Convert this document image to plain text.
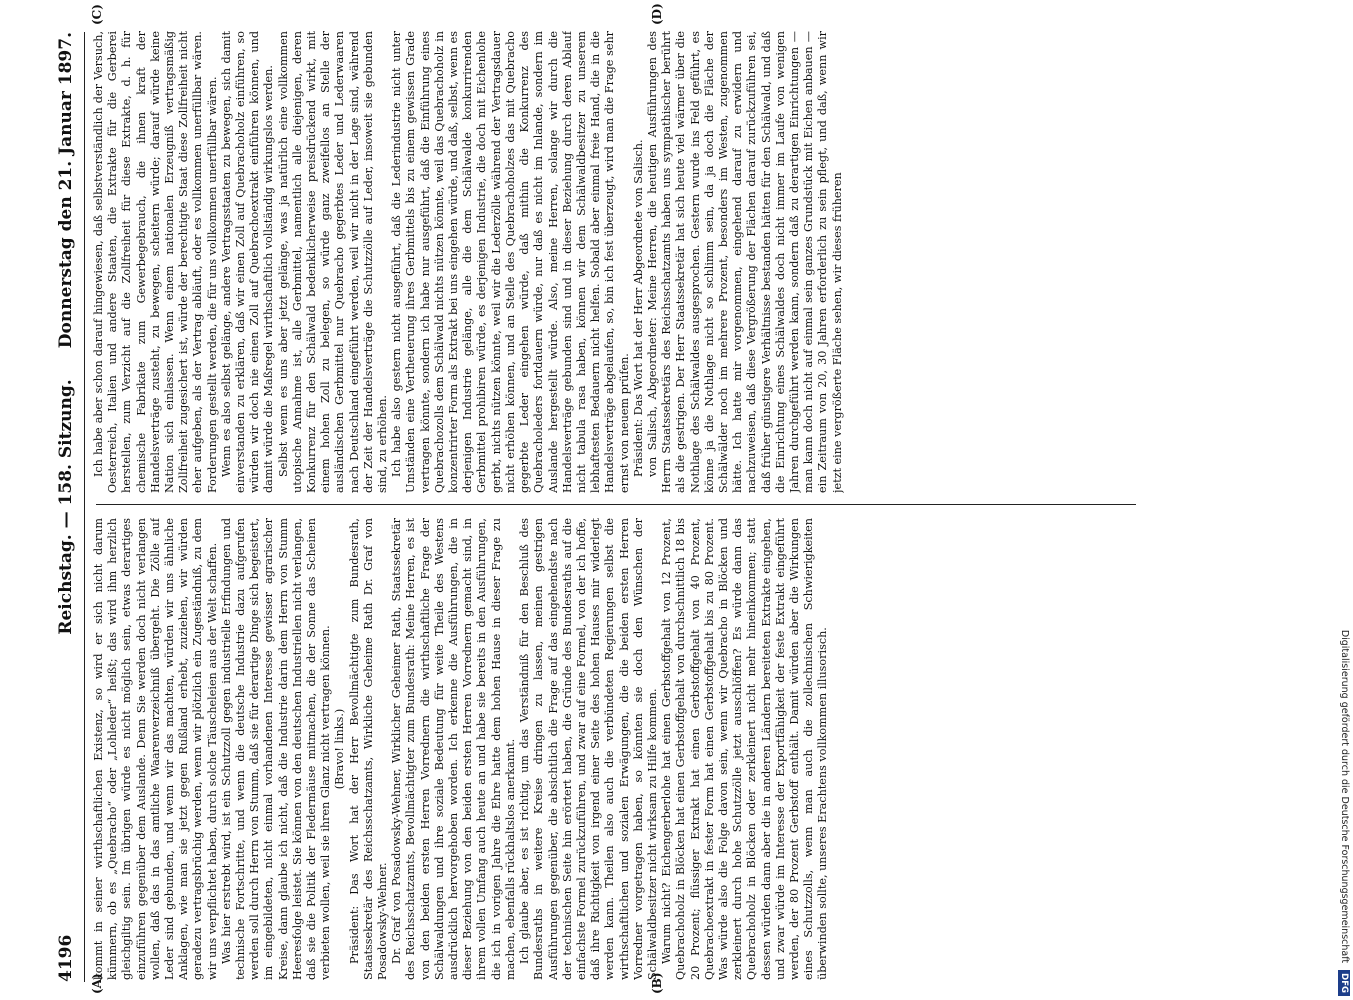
4196
Reichstag. — 158. Sitzung.
Donnerstag den 21. Januar 1897.
(A)	(B)
(C)	(D)

kommt in seiner wirthschaftlichen Existenz, so wird er sich nicht darum kümmern, ob es „Quebracho“ oder „Lohleder“ heißt; das wird ihm herzlich gleichgiltig sein. Im übrigen würde es nicht möglich sein, etwas derartiges einzuführen gegenüber dem Auslande. Denn Sie werden doch nicht verlangen wollen, daß das in das amtliche Waarenverzeichniß übergeht. Die Zölle auf Leder sind gebunden, und wenn wir das machten, würden wir uns ähnliche Anklagen, wie man sie jetzt gegen Rußland erhebt, zuziehen, wir würden geradezu vertragsbrüchig werden, wenn wir plötzlich ein Zugeständniß, zu dem wir uns verpflichtet haben, durch solche Täuscheleien aus der Welt schaffen. Was hier erstrebt wird, ist ein Schutzzoll gegen industrielle Erfindungen und technische Fortschritte, und wenn die deutsche Industrie dazu aufgerufen werden soll durch Herrn von Stumm, daß sie für derartige Dinge sich begeistert, im eingebildeten, nicht einmal vorhandenen Interesse gewisser agrarischer Kreise, dann glaube ich nicht, daß die Industrie darin dem Herrn von Stumm Heeresfolge leistet. Sie können von den deutschen Industriellen nicht verlangen, daß sie die Politik der Fledermäuse mitmachen, die der Sonne das Scheinen verbieten wollen, weil sie ihren Glanz nicht vertragen können. (Bravo! links.) Präsident: Das Wort hat der Herr Bevollmächtigte zum Bundesrath, Staatssekretär des Reichsschatzamts, Wirkliche Geheime Rath Dr. Graf von Posadowsky-Wehner. Dr. Graf von Posadowsky-Wehner, Wirklicher Geheimer Rath, Staatssekretär des Reichsschatzamts, Bevollmächtigter zum Bundesrath: Meine Herren, es ist von den beiden ersten Herren Vorrednern die wirthschaftliche Frage der Schälwaldungen und ihre soziale Bedeutung für weite Theile des Westens ausdrücklich hervorgehoben worden. Ich erkenne die Ausführungen, die in dieser Beziehung von den beiden ersten Herren Vorrednern gemacht sind, in ihrem vollen Umfang auch heute an und habe sie bereits in den Ausführungen, die ich in vorigen Jahre die Ehre hatte dem hohen Hause in dieser Frage zu machen, ebenfalls rückhaltslos anerkannt. Ich glaube aber, es ist richtig, um das Verständniß für den Beschluß des Bundesraths in weitere Kreise dringen zu lassen, meinen gestrigen Ausführungen gegenüber, die absichtlich die Frage auf das eingehendste nach der technischen Seite hin erörtert haben, die Gründe des Bundesraths auf die einfachste Formel zurückzuführen, und zwar auf eine Formel, von der ich hoffe, daß ihre Richtigkeit von irgend einer Seite des hohen Hauses mir widerlegt werden kann. Theilen also auch die verbündeten Regierungen selbst die wirthschaftlichen und sozialen Erwägungen, die die beiden ersten Herren Vorredner vorgetragen haben, so könnten sie doch den Wünschen der Schälwaldbesitzer nicht wirksam zu Hilfe kommen. Warum nicht? Eichengerberlohe hat einen Gerbstoffgehalt von 12 Prozent, Quebrachoholz in Blöcken hat einen Gerbstoffgehalt von durchschnittlich 18 bis 20 Prozent; flüssiger Extrakt hat einen Gerbstoffgehalt von 40 Prozent, Quebrachoextrakt in fester Form hat einen Gerbstoffgehalt bis zu 80 Prozent. Was würde also die Folge davon sein, wenn wir Quebracho in Blöcken und zerkleinert durch hohe Schutzzölle jetzt ausschlöffen? Es würde dann das Quebrachoholz in Blöcken oder zerkleinert nicht mehr hineinkommen; statt dessen würden dann aber die in anderen Ländern bereiteten Extrakte eingehen, und zwar würde im Interesse der Exportfähigkeit der feste Extrakt eingeführt werden, der 80 Prozent Gerbstoff enthält. Damit würden aber die Wirkungen eines Schutzzolls, wenn man auch die zollechnischen Schwierigkeiten überwinden sollte, unseres Erachtens vollkommen illusorisch.

Ich habe aber schon darauf hingewiesen, daß selbstverständlich der Versuch, Oesterreich, Italien und andere Staaten, die Extrakte für die Gerberei herstellen, zum Verzicht auf die Zollfreiheit für diese Extrakte, d. h. für chemische Fabrikate zum Gewerbegebrauch, die ihnen kraft der Handelsverträge zusteht, zu bewegen, scheitern würde; darauf würde keine Nation sich einlassen. Wenn einem nationalen Erzeugniß vertragsmäßig Zollfreiheit zugesichert ist, würde der berechtigte Staat diese Zollfreiheit nicht eher aufgeben, als der Vertrag abläuft, oder es vollkommen unerfüllbar wären. Forderungen gestellt werden, die für uns vollkommen unerfüllbar wären. Wenn es also selbst gelänge, andere Vertragsstaaten zu bewegen, sich damit einverstanden zu erklären, daß wir einen Zoll auf Quebrachoholz einführen, so würden wir doch nie einen Zoll auf Quebrachoextrakt einführen können, und damit würde die Maßregel wirthschaftlich vollständig wirkungslos werden. Selbst wenn es uns aber jetzt gelänge, was ja natürlich eine vollkommen utopische Annahme ist, alle Gerbmittel, namentlich alle diejenigen, deren Konkurrenz für den Schälwald bedenklicherweise preisdrückend wirkt, mit einem hohen Zoll zu belegen, so würde ganz zweifellos an Stelle der ausländischen Gerbmittel nur Quebracho gegerbtes Leder und Lederwaaren nach Deutschland eingeführt werden, weil wir nicht in der Lage sind, während der Zeit der Handelsverträge die Schutzzölle auf Leder, insoweit sie gebunden sind, zu erhöhen. Ich habe also gestern nicht ausgeführt, daß die Lederindustrie nicht unter Umständen eine Vertheuerung ihres Gerbmittels bis zu einem gewissen Grade vertragen könnte, sondern ich habe nur ausgeführt, daß die Einführung eines Quebrachozolls dem Schälwald nichts nützen könnte, weil das Quebrachoholz in konzentrirter Form als Extrakt bei uns eingehen würde, und daß, selbst, wenn es derjenigen Industrie gelänge, alle die dem Schälwalde konkurrirenden Gerbmittel prohibiren würde, es derjenigen Industrie, die doch mit Eichenlohe gerbt, nichts nützen könnte, weil wir die Lederzölle während der Vertragsdauer nicht erhöhen können, und an Stelle des Quebrachoholzes das mit Quebracho gegerbte Leder eingehen würde, daß mithin die Konkurrenz des Quebracholeders fortdauern würde, nur daß es nicht im Inlande, sondern im Auslande hergestellt würde. Also, meine Herren, solange wir durch die Handelsverträge gebunden sind und in dieser Beziehung durch deren Ablauf nicht tabula rasa haben, können wir dem Schälwaldbesitzer zu unserem lebhaftesten Bedauern nicht helfen. Sobald aber einmal freie Hand, die in die Handelsverträge abgelaufen, so, bin ich fest überzeugt, wird man die Frage sehr ernst von neuem prüfen. Präsident: Das Wort hat der Herr Abgeordnete von Salisch. von Salisch, Abgeordneter: Meine Herren, die heutigen Ausführungen des Herrn Staatssekretärs des Reichsschatzamts haben uns sympathischer berührt als die gestrigen. Der Herr Staatssekretär hat sich heute viel wärmer über die Nothlage des Schälwaldes ausgesprochen. Gestern wurde ins Feld geführt, es könne ja die Nothlage nicht so schlimm sein, da ja doch die Fläche der Schälwälder noch im mehrere Prozent, besonders im Westen, zugenommen hätte. Ich hatte mir vorgenommen, eingehend darauf zu erwidern und nachzuweisen, daß diese Vergrößerung der Flächen darauf zurückzuführen sei, daß früher günstigere Verhältnisse bestanden hätten für den Schälwald, und daß die Einrichtung eines Schälwaldes doch nicht immer im Laufe von wenigen Jahren durchgeführt werden kann, sondern daß zu derartigen Einrichtungen — man kann doch nicht auf einmal sein ganzes Grundstück mit Eichen anbauen — ein Zeitraum von 20, 30 Jahren erforderlich zu sein pflegt, und daß, wenn wir jetzt eine vergrößerte Fläche sehen, wir dieses früheren

Digitalisierung gefördert durch die Deutsche Forschungsgemeinschaft DFG
